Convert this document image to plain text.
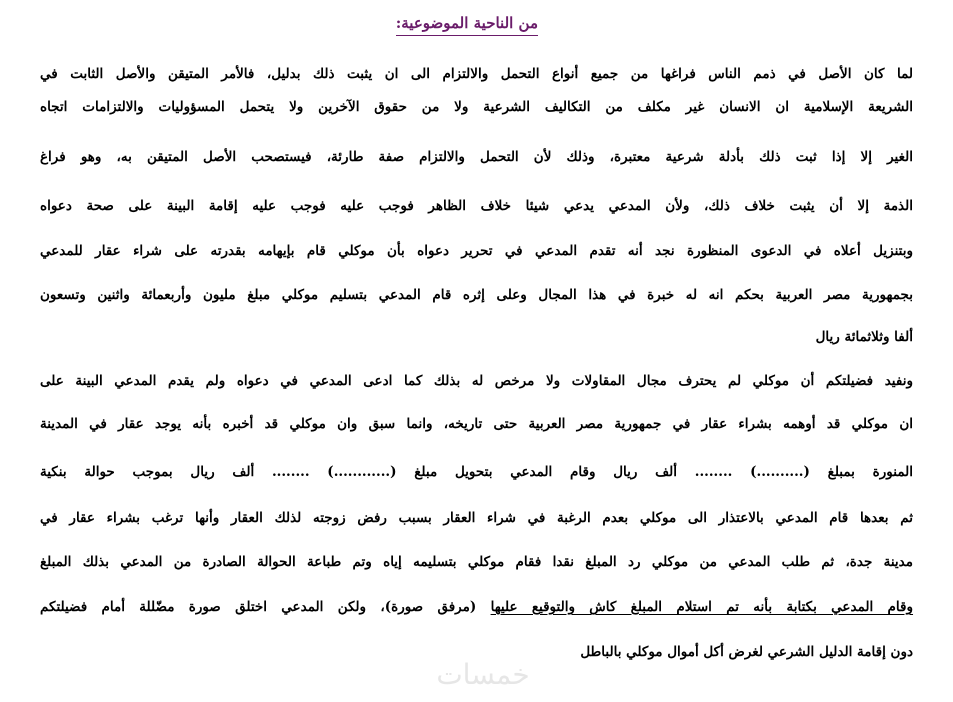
من الناحية الموضوعية:
لما كان الأصل في ذمم الناس فراغها من جميع أنواع التحمل والالتزام الى ان يثبت ذلك بدليل، فالأمر المتيقن والأصل الثابت في
الشريعة الإسلامية ان الانسان غير مكلف من التكاليف الشرعية ولا من حقوق الآخرين ولا يتحمل المسؤوليات والالتزامات اتجاه
الغير إلا إذا ثبت ذلك بأدلة شرعية معتبرة، وذلك لأن التحمل والالتزام صفة طارئة، فيستصحب الأصل المتيقن به، وهو فراغ
الذمة إلا أن يثبت خلاف ذلك، ولأن المدعي يدعي شيئا خلاف الظاهر فوجب عليه فوجب عليه إقامة البينة على صحة دعواه
وبتنزيل أعلاه في الدعوى المنظورة نجد أنه تقدم المدعي في تحرير دعواه بأن موكلي قام بإيهامه بقدرته على شراء عقار للمدعي
بجمهورية مصر العربية بحكم انه له خبرة في هذا المجال وعلى إثره قام المدعي بتسليم موكلي مبلغ مليون وأربعمائة واثنين وتسعون
ألفا وثلاثمائة ريال
ونفيد فضيلتكم أن موكلي لم يحترف مجال المقاولات ولا مرخص له بذلك كما ادعى المدعي في دعواه ولم يقدم المدعي البينة على
ان موكلي قد أوهمه بشراء عقار في جمهورية مصر العربية حتى تاريخه، وانما سبق وان موكلي قد أخبره بأنه يوجد عقار في المدينة
المنورة بمبلغ (..........) ........ ألف ريال وقام المدعي بتحويل مبلغ (............) ........ ألف ريال بموجب حوالة بنكية
ثم بعدها قام المدعي بالاعتذار الى موكلي بعدم الرغبة في شراء العقار بسبب رفض زوجته لذلك العقار وأنها ترغب بشراء عقار في
مدينة جدة، ثم طلب المدعي من موكلي رد المبلغ نقدا فقام موكلي بتسليمه إياه وتم طباعة الحوالة الصادرة من المدعي بذلك المبلغ
وقام المدعي بكتابة بأنه تم استلام المبلغ كاش والتوقيع عليها (مرفق صورة)، ولكن المدعي اختلق صورة مضّللة أمام فضيلتكم
دون إقامة الدليل الشرعي لغرض أكل أموال موكلي بالباطل
خمسات
